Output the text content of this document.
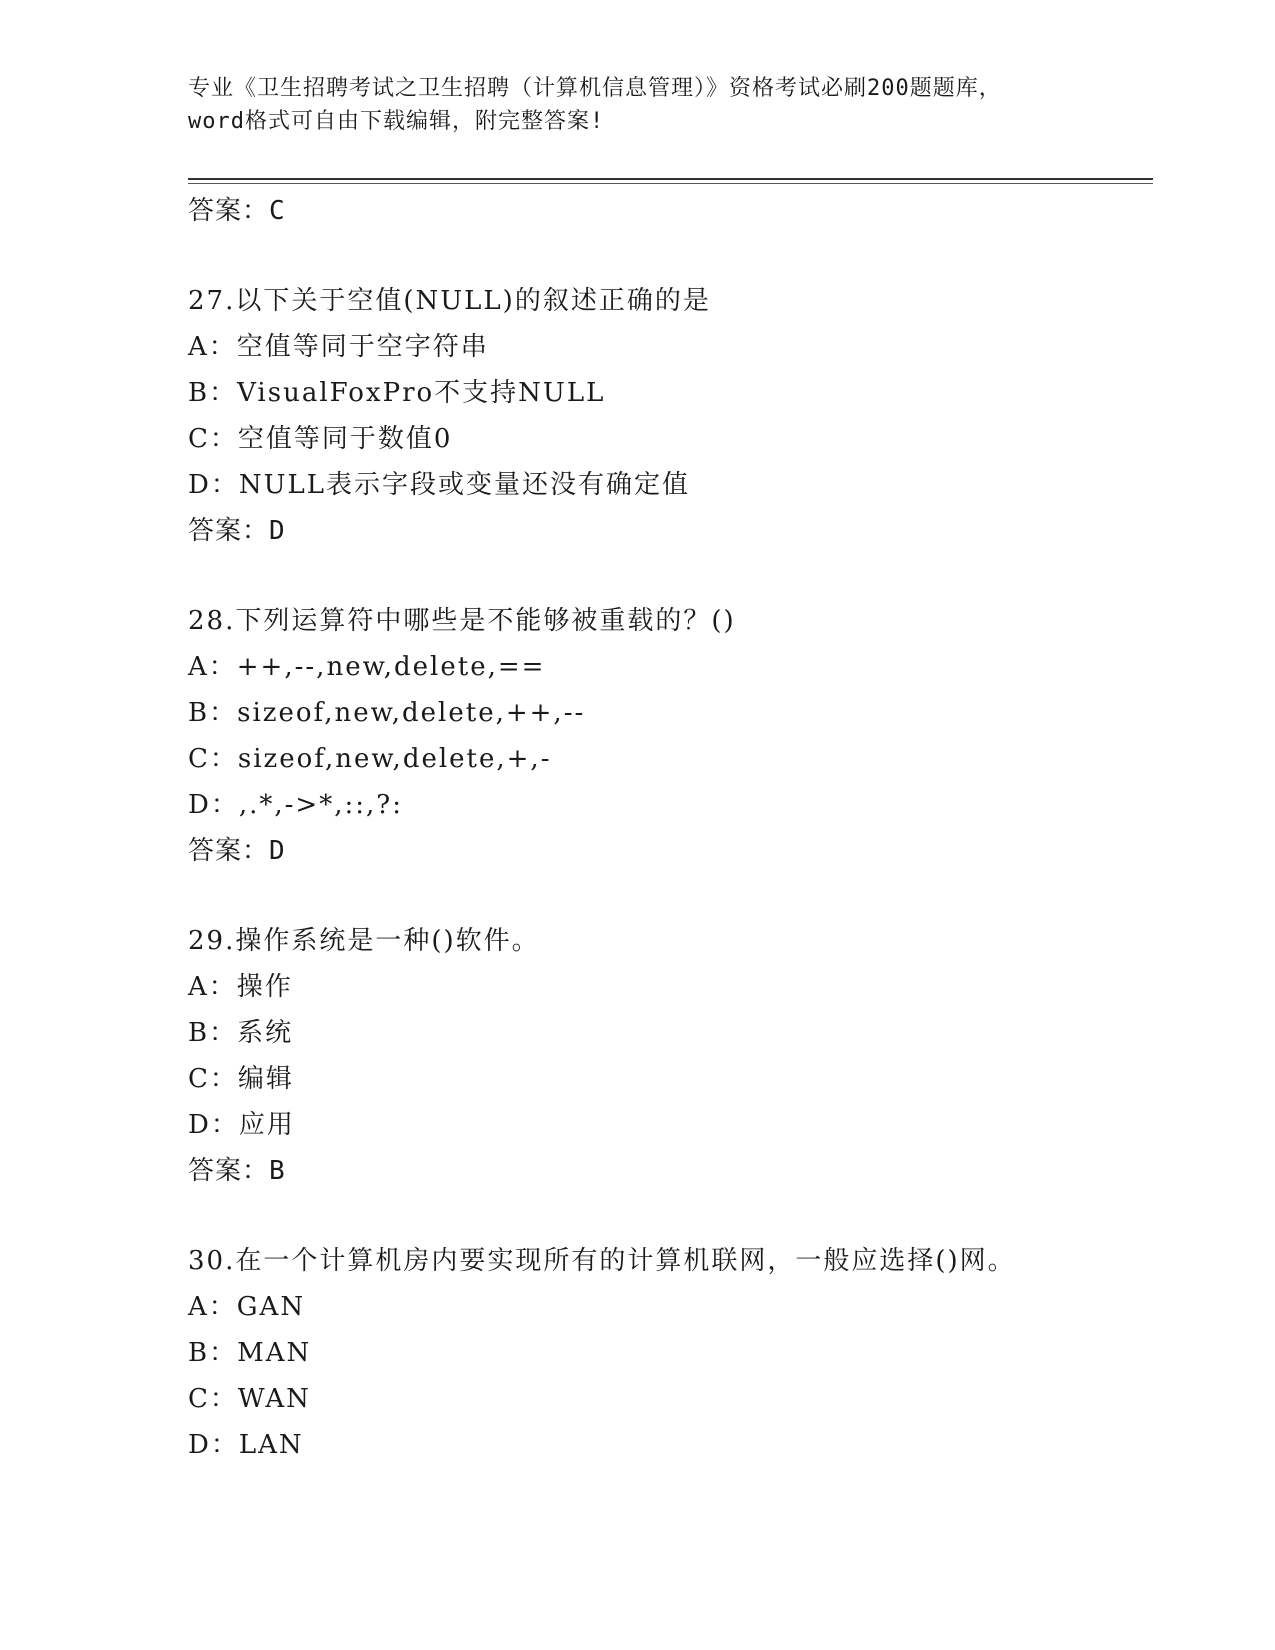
专业《卫生招聘考试之卫生招聘（计算机信息管理）》资格考试必刷200题题库，
word格式可自由下载编辑，附完整答案!
答案：C
27.以下关于空值(NULL)的叙述正确的是
A：空值等同于空字符串
B：VisualFoxPro不支持NULL
C：空值等同于数值0
D：NULL表示字段或变量还没有确定值
答案：D
28.下列运算符中哪些是不能够被重载的？()
A：++,--,new,delete,==
B：sizeof,new,delete,++,--
C：sizeof,new,delete,+,-
D：,.*,->*,::,?:
答案：D
29.操作系统是一种()软件。
A：操作
B：系统
C：编辑
D：应用
答案：B
30.在一个计算机房内要实现所有的计算机联网，一般应选择()网。
A：GAN
B：MAN
C：WAN
D：LAN
